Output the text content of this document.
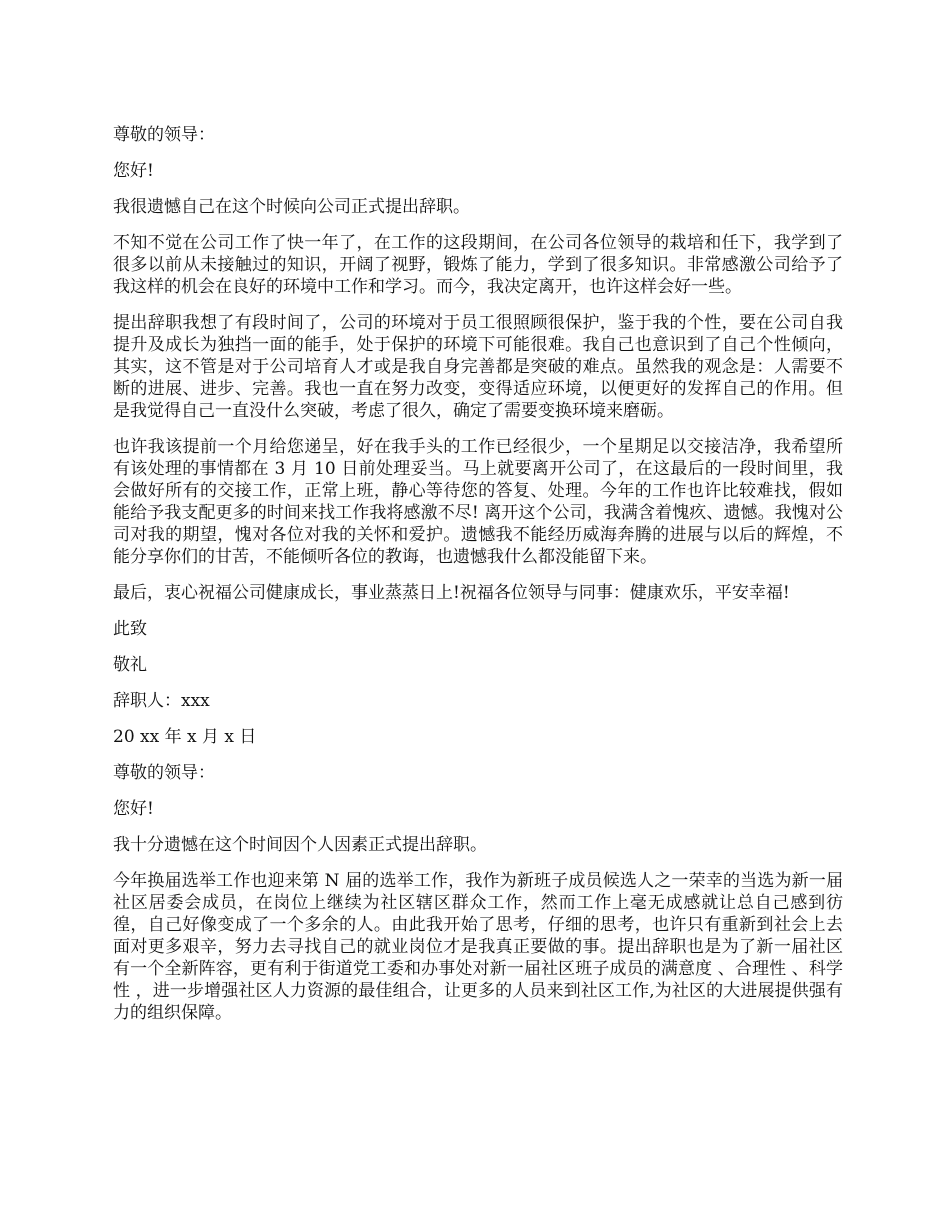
尊敬的领导：

您好!

我很遗憾自己在这个时候向公司正式提出辞职。

不知不觉在公司工作了快一年了，在工作的这段期间，在公司各位领导的栽培和任下，我学到了很多以前从未接触过的知识，开阔了视野，锻炼了能力，学到了很多知识。非常感激公司给予了我这样的机会在良好的环境中工作和学习。而今，我决定离开，也许这样会好一些。

提出辞职我想了有段时间了，公司的环境对于员工很照顾很保护，鉴于我的个性，要在公司自我提升及成长为独挡一面的能手，处于保护的环境下可能很难。我自己也意识到了自己个性倾向，其实，这不管是对于公司培育人才或是我自身完善都是突破的难点。虽然我的观念是：人需要不断的进展、进步、完善。我也一直在努力改变，变得适应环境，以便更好的发挥自己的作用。但是我觉得自己一直没什么突破，考虑了很久，确定了需要变换环境来磨砺。

也许我该提前一个月给您递呈，好在我手头的工作已经很少，一个星期足以交接洁净，我希望所有该处理的事情都在 3 月 10 日前处理妥当。马上就要离开公司了，在这最后的一段时间里，我会做好所有的交接工作，正常上班，静心等待您的答复、处理。今年的工作也许比较难找，假如能给予我支配更多的时间来找工作我将感激不尽! 离开这个公司，我满含着愧疚、遗憾。我愧对公司对我的期望，愧对各位对我的关怀和爱护。遗憾我不能经历威海奔腾的进展与以后的辉煌，不能分享你们的甘苦，不能倾听各位的教诲，也遗憾我什么都没能留下来。

最后，衷心祝福公司健康成长，事业蒸蒸日上!祝福各位领导与同事：健康欢乐，平安幸福!

此致

敬礼

辞职人：xxx

20 xx 年 x 月 x 日

尊敬的领导：

您好!

我十分遗憾在这个时间因个人因素正式提出辞职。

今年换届选举工作也迎来第 N 届的选举工作，我作为新班子成员候选人之一荣幸的当选为新一届社区居委会成员，在岗位上继续为社区辖区群众工作，然而工作上毫无成感就让总自己感到彷徨，自己好像变成了一个多余的人。由此我开始了思考，仔细的思考，也许只有重新到社会上去面对更多艰辛，努力去寻找自己的就业岗位才是我真正要做的事。提出辞职也是为了新一届社区有一个全新阵容，更有利于街道党工委和办事处对新一届社区班子成员的满意度 、合理性 、科学性 ，进一步增强社区人力资源的最佳组合，让更多的人员来到社区工作,为社区的大进展提供强有力的组织保障。
